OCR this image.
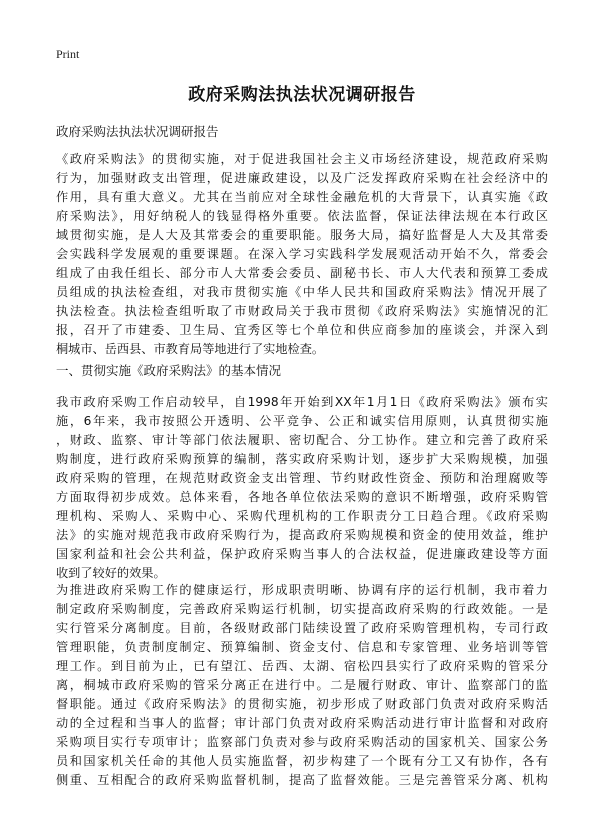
Print
政府采购法执法状况调研报告
政府采购法执法状况调研报告
《政府采购法》的贯彻实施，对于促进我国社会主义市场经济建设，规范政府采购
行为，加强财政支出管理，促进廉政建设，以及广泛发挥政府采购在社会经济中的
作用，具有重大意义。尤其在当前应对全球性金融危机的大背景下，认真实施《政
府采购法》，用好纳税人的钱显得格外重要。依法监督，保证法律法规在本行政区
域贯彻实施，是人大及其常委会的重要职能。服务大局，搞好监督是人大及其常委
会实践科学发展观的重要课题。在深入学习实践科学发展观活动开始不久，常委会
组成了由我任组长、部分市人大常委会委员、副秘书长、市人大代表和预算工委成
员组成的执法检查组，对我市贯彻实施《中华人民共和国政府采购法》情况开展了
执法检查。执法检查组听取了市财政局关于我市贯彻《政府采购法》实施情况的汇
报，召开了市建委、卫生局、宜秀区等七个单位和供应商参加的座谈会，并深入到
桐城市、岳西县、市教育局等地进行了实地检查。
一、贯彻实施《政府采购法》的基本情况
我市政府采购工作启动较早，自1998年开始到XX年1月1日《政府采购法》颁布实
施，6年来，我市按照公开透明、公平竞争、公正和诚实信用原则，认真贯彻实施
，财政、监察、审计等部门依法履职、密切配合、分工协作。建立和完善了政府采
购制度，进行政府采购预算的编制，落实政府采购计划，逐步扩大采购规模，加强
政府采购的管理，在规范财政资金支出管理、节约财政性资金、预防和治理腐败等
方面取得初步成效。总体来看，各地各单位依法采购的意识不断增强，政府采购管
理机构、采购人、采购中心、采购代理机构的工作职责分工日趋合理。《政府采购
法》的实施对规范我市政府采购行为，提高政府采购规模和资金的使用效益，维护
国家利益和社会公共利益，保护政府采购当事人的合法权益，促进廉政建设等方面
收到了较好的效果。
为推进政府采购工作的健康运行，形成职责明晰、协调有序的运行机制，我市着力
制定政府采购制度，完善政府采购运行机制，切实提高政府采购的行政效能。一是
实行管采分离制度。目前，各级财政部门陆续设置了政府采购管理机构，专司行政
管理职能，负责制度制定、预算编制、资金支付、信息和专家管理、业务培训等管
理工作。到目前为止，已有望江、岳西、太湖、宿松四县实行了政府采购的管采分
离，桐城市政府采购的管采分离正在进行中。二是履行财政、审计、监察部门的监
督职能。通过《政府采购法》的贯彻实施，初步形成了财政部门负责对政府采购活
动的全过程和当事人的监督；审计部门负责对政府采购活动进行审计监督和对政府
采购项目实行专项审计；监察部门负责对参与政府采购活动的国家机关、国家公务
员和国家机关任命的其他人员实施监督，初步构建了一个既有分工又有协作，各有
侧重、互相配合的政府采购监督机制，提高了监督效能。三是完善管采分离、机构
